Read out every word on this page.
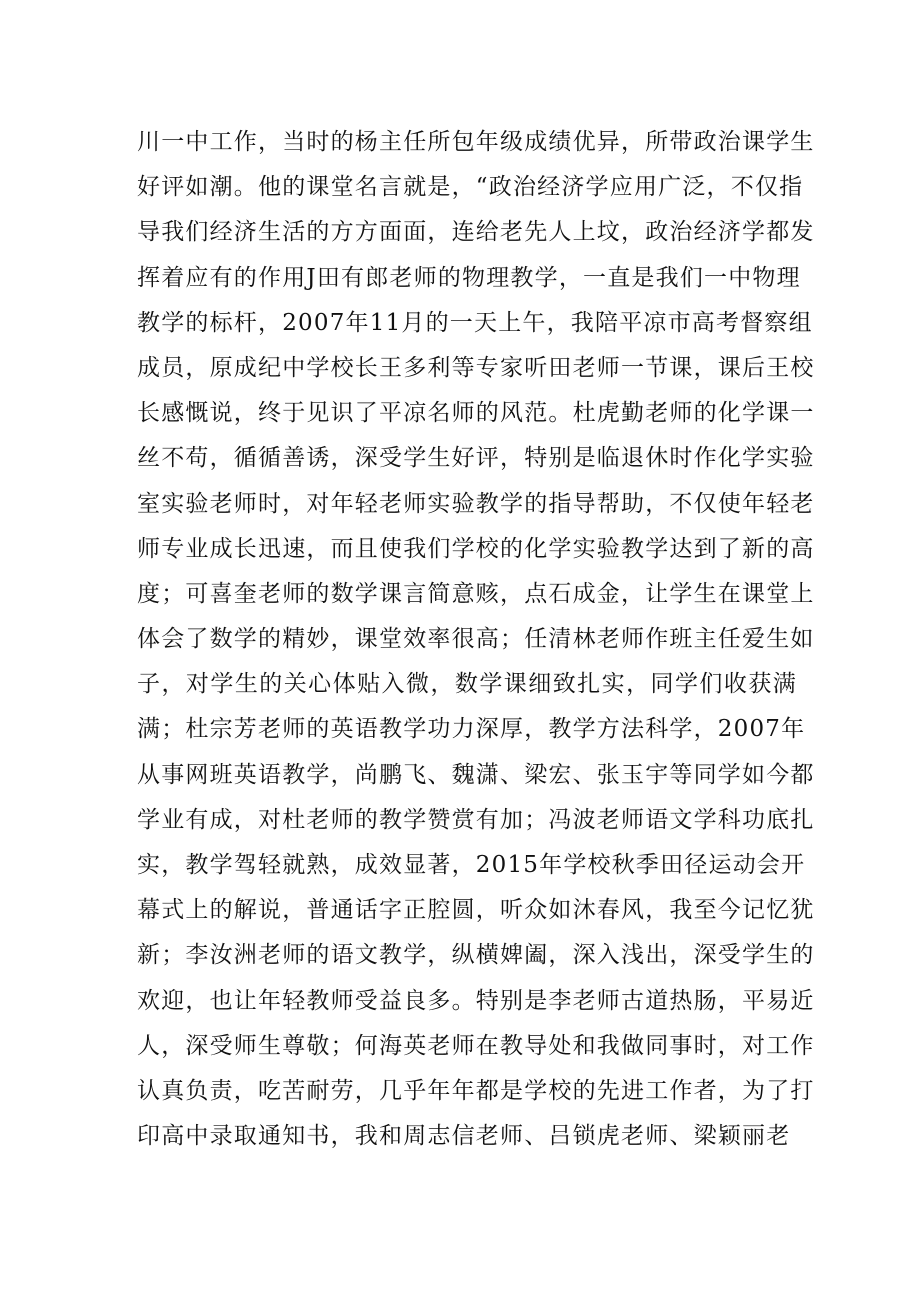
川一中工作，当时的杨主任所包年级成绩优异，所带政治课学生
好评如潮。他的课堂名言就是，“政治经济学应用广泛，不仅指
导我们经济生活的方方面面，连给老先人上坟，政治经济学都发
挥着应有的作用J田有郎老师的物理教学，一直是我们一中物理
教学的标杆，2007年11月的一天上午，我陪平凉市高考督察组
成员，原成纪中学校长王多利等专家听田老师一节课，课后王校
长感慨说，终于见识了平凉名师的风范。杜虎勤老师的化学课一
丝不苟，循循善诱，深受学生好评，特别是临退休时作化学实验
室实验老师时，对年轻老师实验教学的指导帮助，不仅使年轻老
师专业成长迅速，而且使我们学校的化学实验教学达到了新的高
度；可喜奎老师的数学课言简意赅，点石成金，让学生在课堂上
体会了数学的精妙，课堂效率很高；任清林老师作班主任爱生如
子，对学生的关心体贴入微，数学课细致扎实，同学们收获满
满；杜宗芳老师的英语教学功力深厚，教学方法科学，2007年
从事网班英语教学，尚鹏飞、魏潇、梁宏、张玉宇等同学如今都
学业有成，对杜老师的教学赞赏有加；冯波老师语文学科功底扎
实，教学驾轻就熟，成效显著，2015年学校秋季田径运动会开
幕式上的解说，普通话字正腔圆，听众如沐春风，我至今记忆犹
新；李汝洲老师的语文教学，纵横婢阖，深入浅出，深受学生的
欢迎，也让年轻教师受益良多。特别是李老师古道热肠，平易近
人，深受师生尊敬；何海英老师在教导处和我做同事时，对工作
认真负责，吃苦耐劳，几乎年年都是学校的先进工作者，为了打
印高中录取通知书，我和周志信老师、吕锁虎老师、梁颖丽老
